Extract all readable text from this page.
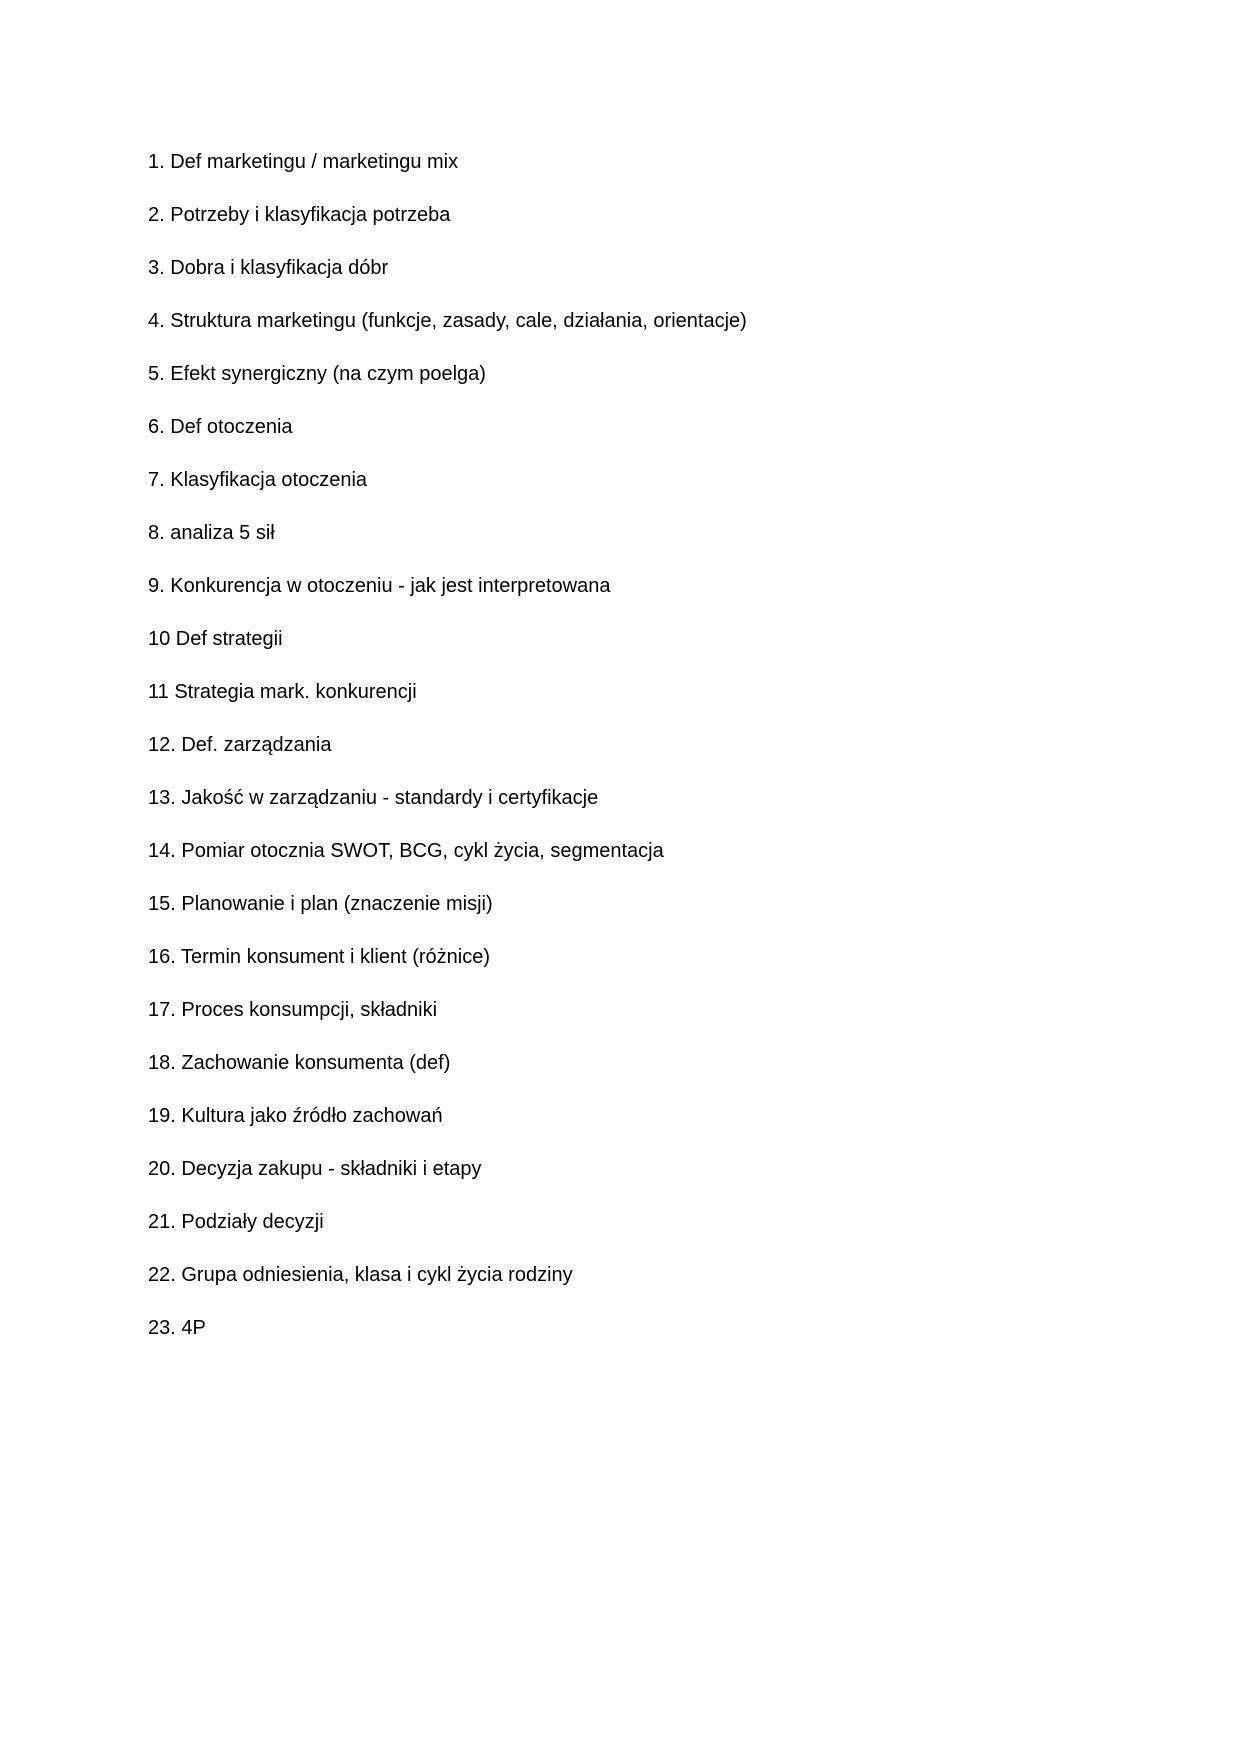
1. Def marketingu / marketingu mix
2. Potrzeby i klasyfikacja potrzeba
3. Dobra i klasyfikacja dóbr
4. Struktura marketingu (funkcje, zasady, cale, działania, orientacje)
5. Efekt synergiczny (na czym poelga)
6. Def otoczenia
7. Klasyfikacja otoczenia
8. analiza 5 sił
9. Konkurencja w otoczeniu - jak jest interpretowana
10 Def strategii
11 Strategia mark. konkurencji
12. Def. zarządzania
13. Jakość w zarządzaniu - standardy i certyfikacje
14. Pomiar otocznia SWOT, BCG, cykl życia, segmentacja
15. Planowanie i plan (znaczenie misji)
16. Termin konsument i klient (różnice)
17. Proces konsumpcji, składniki
18. Zachowanie konsumenta (def)
19. Kultura jako źródło zachowań
20. Decyzja zakupu - składniki i etapy
21. Podziały decyzji
22. Grupa odniesienia, klasa i cykl życia rodziny
23. 4P
